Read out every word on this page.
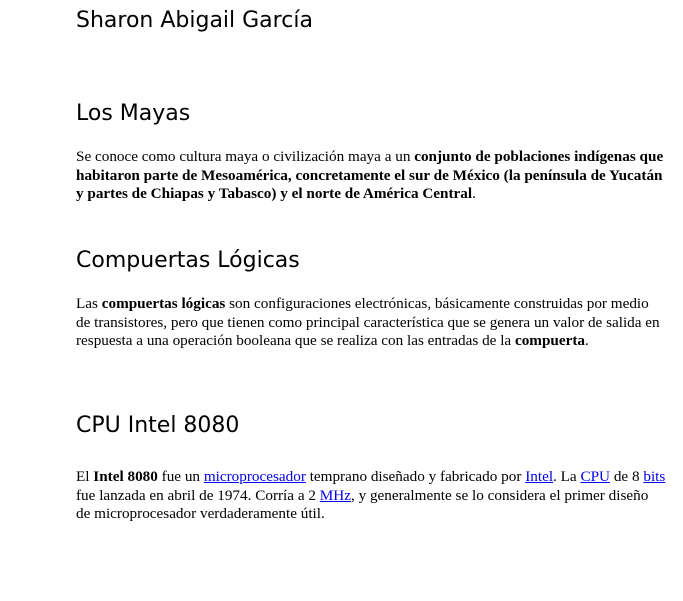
Sharon Abigail García
Los Mayas

Se conoce como cultura maya o civilización maya a un conjunto de poblaciones indígenas que habitaron parte de Mesoamérica, concretamente el sur de México (la península de Yucatán y partes de Chiapas y Tabasco) y el norte de América Central.

Compuertas Lógicas

Las compuertas lógicas son configuraciones electrónicas, básicamente construidas por medio de transistores, pero que tienen como principal característica que se genera un valor de salida en respuesta a una operación booleana que se realiza con las entradas de la compuerta.

CPU Intel 8080

El Intel 8080 fue un microprocesador temprano diseñado y fabricado por Intel. La CPU de 8 bits fue lanzada en abril de 1974. Corría a 2 MHz, y generalmente se lo considera el primer diseño de microprocesador verdaderamente útil.
